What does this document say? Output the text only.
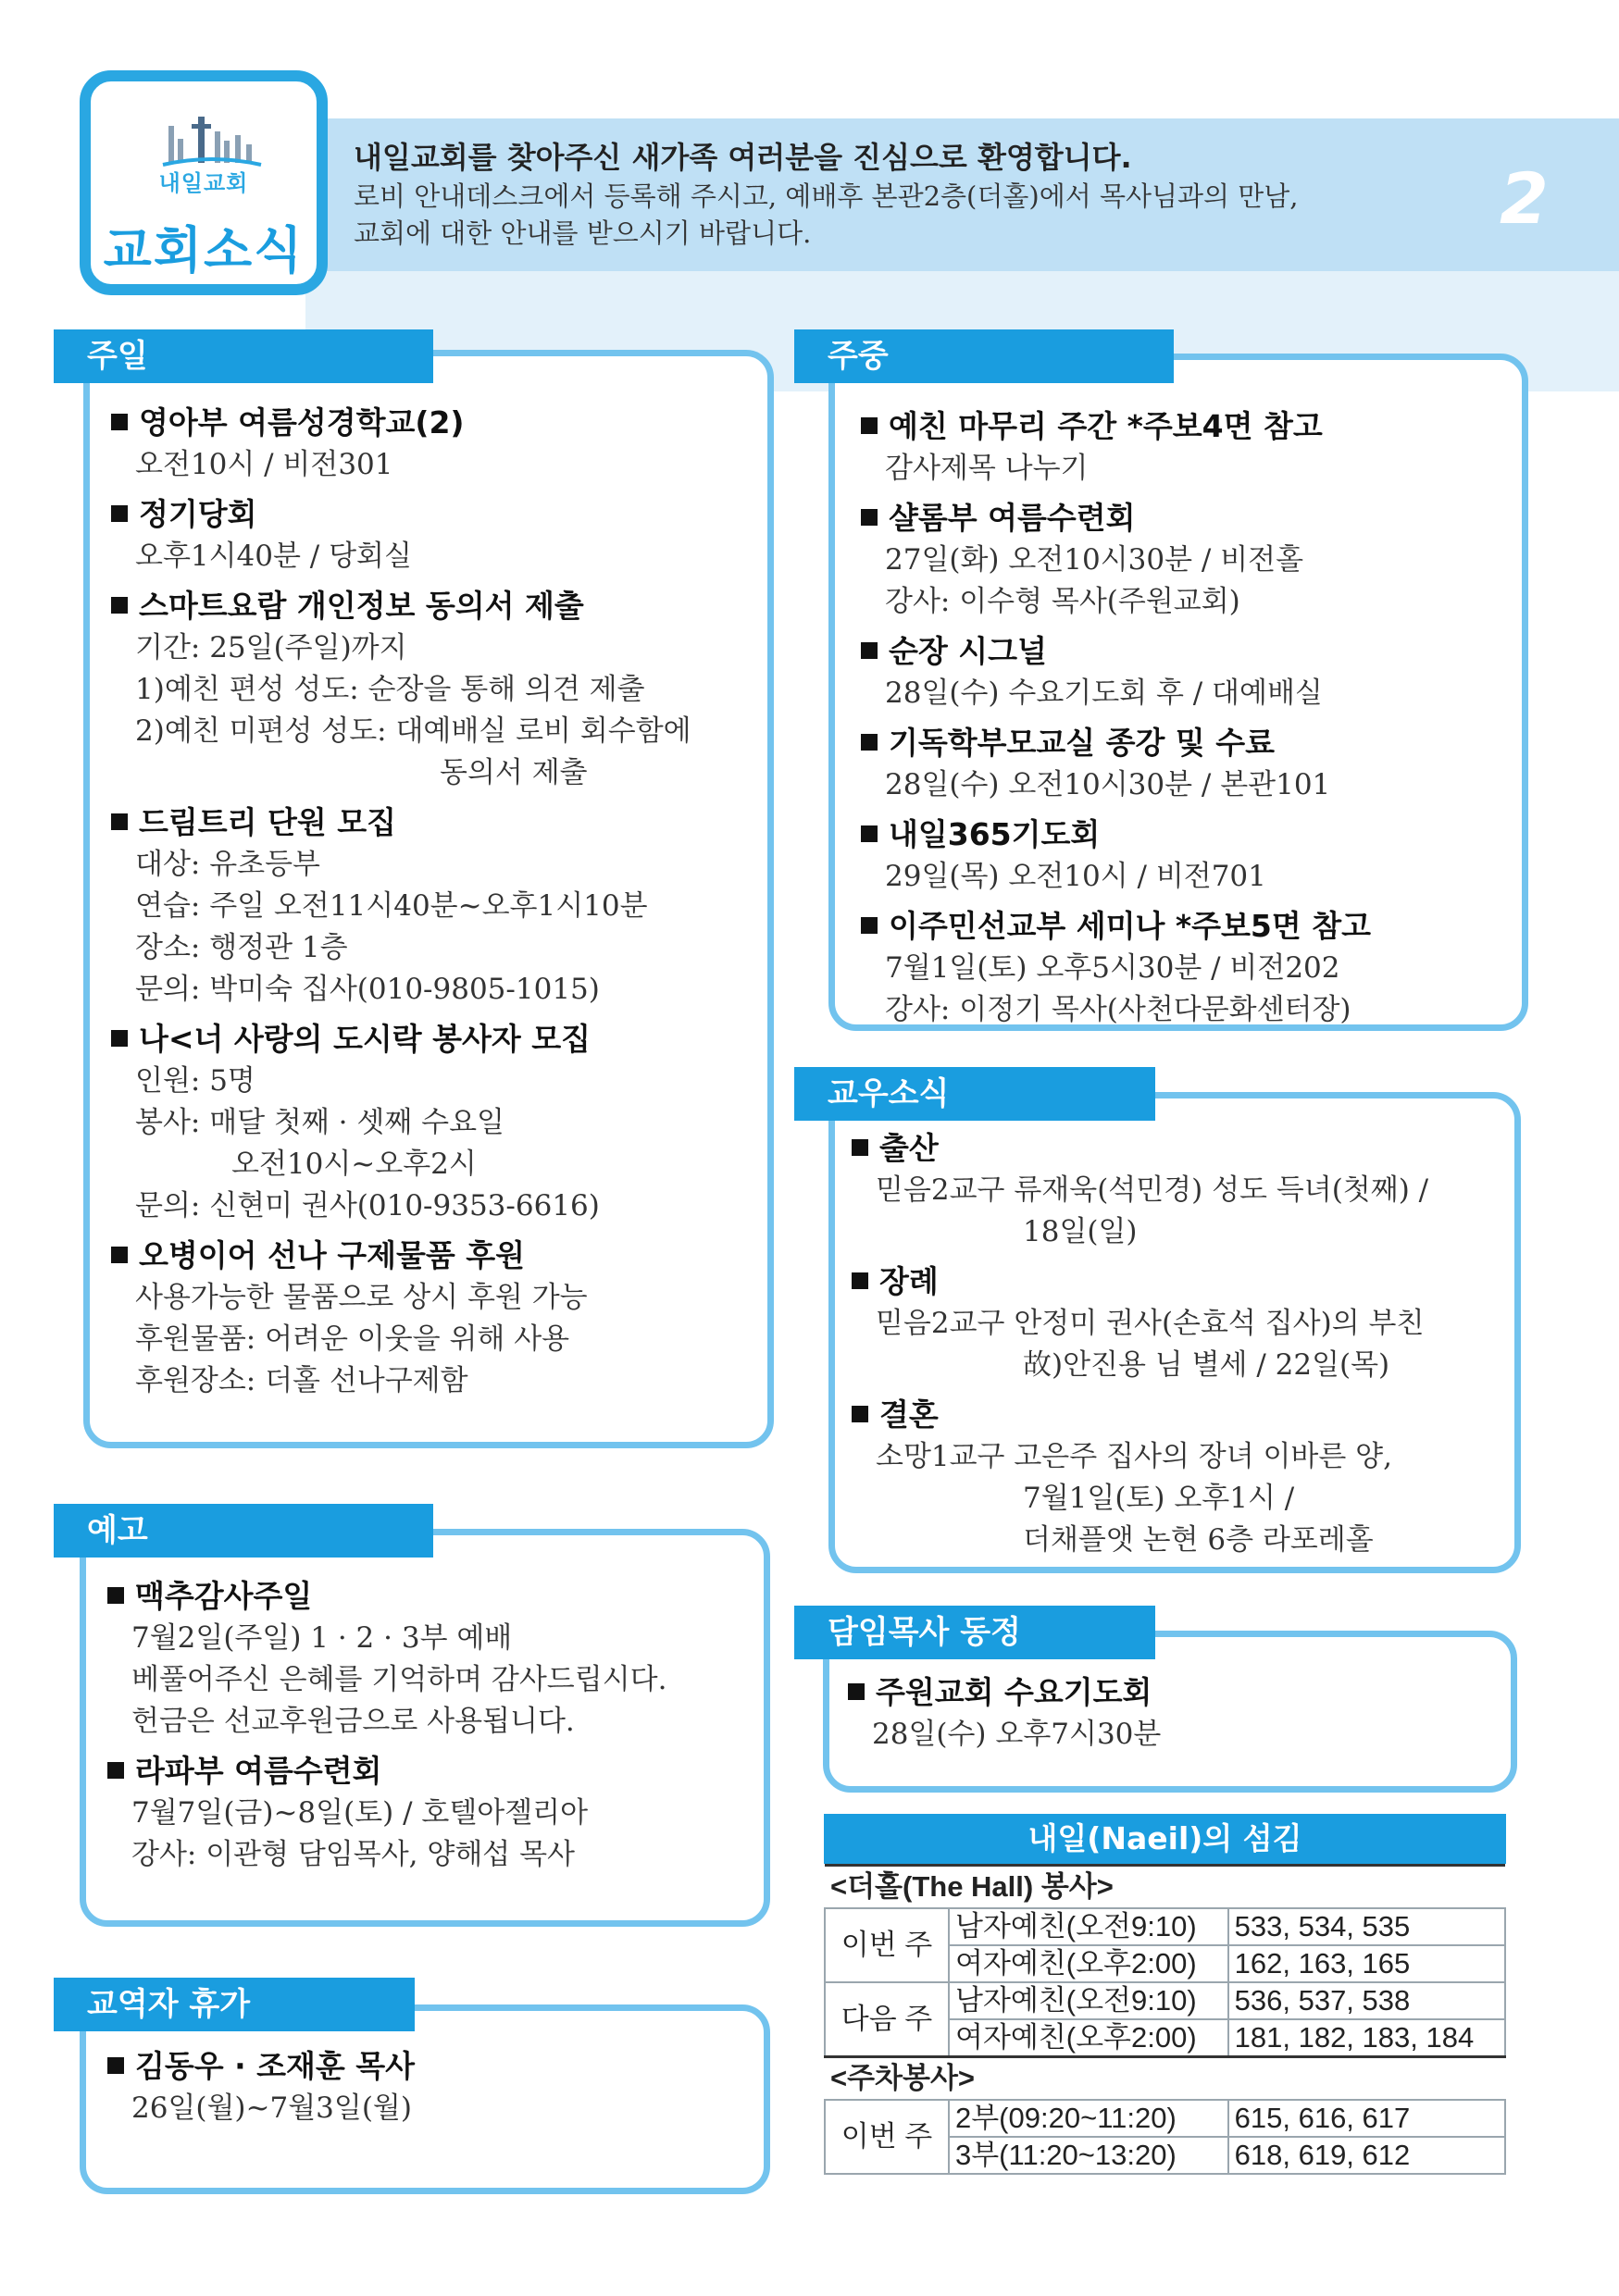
내일교회
교회소식
내일교회를 찾아주신 새가족 여러분을 진심으로 환영합니다.
로비 안내데스크에서 등록해 주시고, 예배후 본관2층(더홀)에서 목사님과의 만남,
교회에 대한 안내를 받으시기 바랍니다.	2
주일
영아부 여름성경학교(2)
오전10시 / 비전301
정기당회
오후1시40분 / 당회실
스마트요람 개인정보 동의서 제출
기간: 25일(주일)까지
1)예친 편성 성도: 순장을 통해 의견 제출
2)예친 미편성 성도: 대예배실 로비 회수함에
동의서 제출
드림트리 단원 모집
대상: 유초등부
연습: 주일 오전11시40분~오후1시10분
장소: 행정관 1층
문의: 박미숙 집사(010-9805-1015)
나<너 사랑의 도시락 봉사자 모집
인원: 5명
봉사: 매달 첫째 · 셋째 수요일
오전10시~오후2시
문의: 신현미 권사(010-9353-6616)
오병이어 선나 구제물품 후원
사용가능한 물품으로 상시 후원 가능
후원물품: 어려운 이웃을 위해 사용
후원장소: 더홀 선나구제함
예고
맥추감사주일
7월2일(주일) 1 · 2 · 3부 예배
베풀어주신 은혜를 기억하며 감사드립시다.
헌금은 선교후원금으로 사용됩니다.
라파부 여름수련회
7월7일(금)~8일(토) / 호텔아젤리아
강사: 이관형 담임목사, 양해섭 목사
교역자 휴가
김동우 · 조재훈 목사
26일(월)~7월3일(월)
주중
예친 마무리 주간 *주보4면 참고
감사제목 나누기
샬롬부 여름수련회
27일(화) 오전10시30분 / 비전홀
강사: 이수형 목사(주원교회)
순장 시그널
28일(수) 수요기도회 후 / 대예배실
기독학부모교실 종강 및 수료
28일(수) 오전10시30분 / 본관101
내일365기도회
29일(목) 오전10시 / 비전701
이주민선교부 세미나 *주보5면 참고
7월1일(토) 오후5시30분 / 비전202
강사: 이정기 목사(사천다문화센터장)
교우소식
출산
믿음2교구 류재욱(석민경) 성도 득녀(첫째) /
18일(일)
장례
믿음2교구 안정미 권사(손효석 집사)의 부친
故)안진용 님 별세 / 22일(목)
결혼
소망1교구 고은주 집사의 장녀 이바른 양,
7월1일(토) 오후1시 /
더채플앳 논현 6층 라포레홀
담임목사 동정
주원교회 수요기도회
28일(수) 오후7시30분
내일(Naeil)의 섬김
<더홀(The Hall) 봉사>		
이번 주	남자예친(오전9:10)	533, 534, 535
	여자예친(오후2:00)	162, 163, 165
다음 주	남자예친(오전9:10)	536, 537, 538
	여자예친(오후2:00)	181, 182, 183, 184
<주차봉사>		
이번 주	2부(09:20~11:20)	615, 616, 617
	3부(11:20~13:20)	618, 619, 612
